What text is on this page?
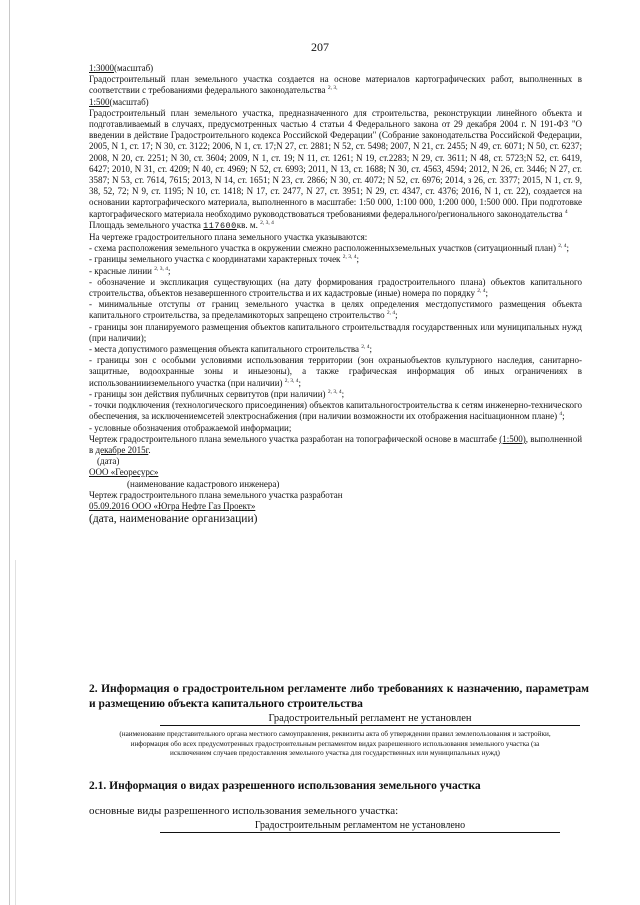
207

1:3000(масштаб)

Градостроительный план земельного участка создается на основе материалов картографических работ, выполненных в соответствии с требованиями федерального законодательства $^{2, 3,}$

1:500(масштаб)

Градостроительный план земельного участка, предназначенного для строительства, реконструкции линейного объекта и подготавливаемый в случаях, предусмотренных частью 4 статьи 4 Федерального закона от 29 декабря 2004 г. N 191-ФЗ "О введении в действие Градостроительного кодекса Российской Федерации" (Собрание законодательства Российской Федерации, 2005, N 1, ст. 17; N 30, ст. 3122; 2006, N 1, ст. 17;N 27, ст. 2881; N 52, ст. 5498; 2007, N 21, ст. 2455; N 49, ст. 6071; N 50, ст. 6237; 2008, N 20, ст. 2251; N 30, ст. 3604; 2009, N 1, ст. 19; N 11, ст. 1261; N 19, ст.2283; N 29, ст. 3611; N 48, ст. 5723;N 52, ст. 6419, 6427; 2010, N 31, ст. 4209; N 40, ст. 4969; N 52, ст. 6993; 2011, N 13, ст. 1688; N 30, ст. 4563, 4594; 2012, N 26, ст. 3446; N 27, ст. 3587; N 53, ст. 7614, 7615; 2013, N 14, ст. 1651; N 23, ст. 2866; N 30, ст. 4072; N 52, ст. 6976; 2014, з 26, ст. 3377; 2015, N 1, ст. 9, 38, 52, 72; N 9, ст. 1195; N 10, ст. 1418; N 17, ст. 2477, N 27, ст. 3951; N 29, ст. 4347, ст. 4376; 2016, N 1, ст. 22), создается на основании картографического материала, выполненного в масштабе: 1:50 000, 1:100 000, 1:200 000, 1:500 000. При подготовке картографического материала необходимо руководствоваться требованиями федерального/регионального законодательства $^4$

Площадь земельного участка 117600кв. м. $^{2, 3, 4}$

На чертеже градостроительного плана земельного участка указываются:

- схема расположения земельного участка в окружении смежно расположенныхземельных участков (ситуационный план) $^{2, 4}$;

- границы земельного участка с координатами характерных точек $^{2, 3, 4}$;

- красные линии $^{2, 3, 4}$;

- обозначение и экспликация существующих (на дату формирования градостроительного плана) объектов капитального строительства, объектов незавершенного строительства и их кадастровые (иные) номера по порядку $^{2, 4}$;

- минимальные отступы от границ земельного участка в целях определения местдопустимого размещения объекта капитального строительства, за пределамикоторых запрещено строительство $^{2, 4}$;

- границы зон планируемого размещения объектов капитального строительствадля государственных или муниципальных нужд (при наличии);

- места допустимого размещения объекта капитального строительства $^{2, 4}$;

- границы зон с особыми условиями использования территории (зон охраныобъектов культурного наследия, санитарно-защитные, водоохранные зоны и иныезоны), а также графическая информация об иных ограничениях в использованиииземельного участка (при наличии) $^{2, 3, 4}$;

- границы зон действия публичных сервитутов (при наличии) $^{2, 3, 4}$;

- точки подключения (технологического присоединения) объектов капитальногостроительства к сетям инженерно-технического обеспечения, за исключениемсетей электроснабжения (при наличии возможности их отображения насituационном плане) $^4$;

- условные обозначения отображаемой информации;

Чертеж градостроительного плана земельного участка разработан на топографической основе в масштабе (1:500), выполненной в декабре 2015г.

(дата)

ООО «Георесурс»

(наименование кадастрового инженера)

Чертеж градостроительного плана земельного участка разработан

05.09.2016 ООО «Югра Нефте Газ Проект»

(дата, наименование организации)

2. Информация о градостроительном регламенте либо требованиях к назначению, параметрам и размещению объекта капитального строительства
Градостроительный регламент не установлен
(наименование представительного органа местного самоуправления, реквизиты акта об утверждении правил землепользования и застройки, информация обо всех предусмотренных градостроительным регламентом видах разрешенного использования земельного участка (за исключением случаев предоставления земельного участка для государственных или муниципальных нужд)
2.1. Информация о видах разрешенного использования земельного участка
основные виды разрешенного использования земельного участка:
Градостроительным регламентом не установлено
